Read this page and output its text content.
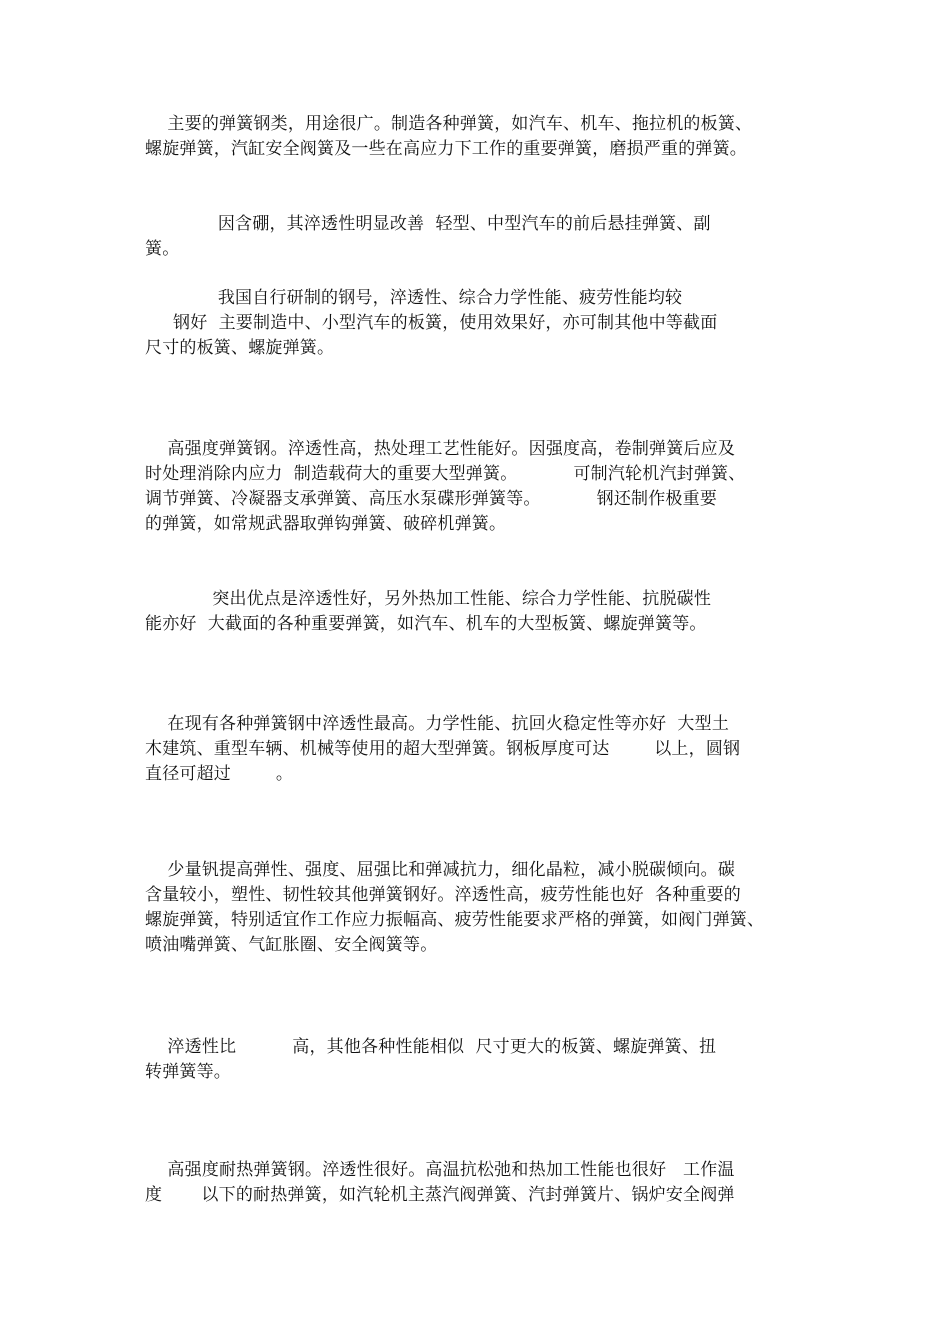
主要的弹簧钢类，用途很广。制造各种弹簧，如汽车、机车、拖拉机的板簧、
螺旋弹簧，汽缸安全阀簧及一些在高应力下工作的重要弹簧，磨损严重的弹簧。
因含硼，其淬透性明显改善  轻型、中型汽车的前后悬挂弹簧、副
簧。
我国自行研制的钢号，淬透性、综合力学性能、疲劳性能均较
钢好  主要制造中、小型汽车的板簧，使用效果好，亦可制其他中等截面
尺寸的板簧、螺旋弹簧。
高强度弹簧钢。淬透性高，热处理工艺性能好。因强度高，卷制弹簧后应及
时处理消除内应力  制造载荷大的重要大型弹簧。          可制汽轮机汽封弹簧、
调节弹簧、冷凝器支承弹簧、高压水泵碟形弹簧等。          钢还制作极重要
的弹簧，如常规武器取弹钩弹簧、破碎机弹簧。
突出优点是淬透性好，另外热加工性能、综合力学性能、抗脱碳性
能亦好  大截面的各种重要弹簧，如汽车、机车的大型板簧、螺旋弹簧等。
在现有各种弹簧钢中淬透性最高。力学性能、抗回火稳定性等亦好  大型土
木建筑、重型车辆、机械等使用的超大型弹簧。钢板厚度可达        以上，圆钢
直径可超过        。
少量钒提高弹性、强度、屈强比和弹减抗力，细化晶粒，减小脱碳倾向。碳
含量较小，塑性、韧性较其他弹簧钢好。淬透性高，疲劳性能也好  各种重要的
螺旋弹簧，特别适宜作工作应力振幅高、疲劳性能要求严格的弹簧，如阀门弹簧、
喷油嘴弹簧、气缸胀圈、安全阀簧等。
淬透性比          高，其他各种性能相似  尺寸更大的板簧、螺旋弹簧、扭
转弹簧等。
高强度耐热弹簧钢。淬透性很好。高温抗松弛和热加工性能也很好   工作温
度       以下的耐热弹簧，如汽轮机主蒸汽阀弹簧、汽封弹簧片、锅炉安全阀弹
